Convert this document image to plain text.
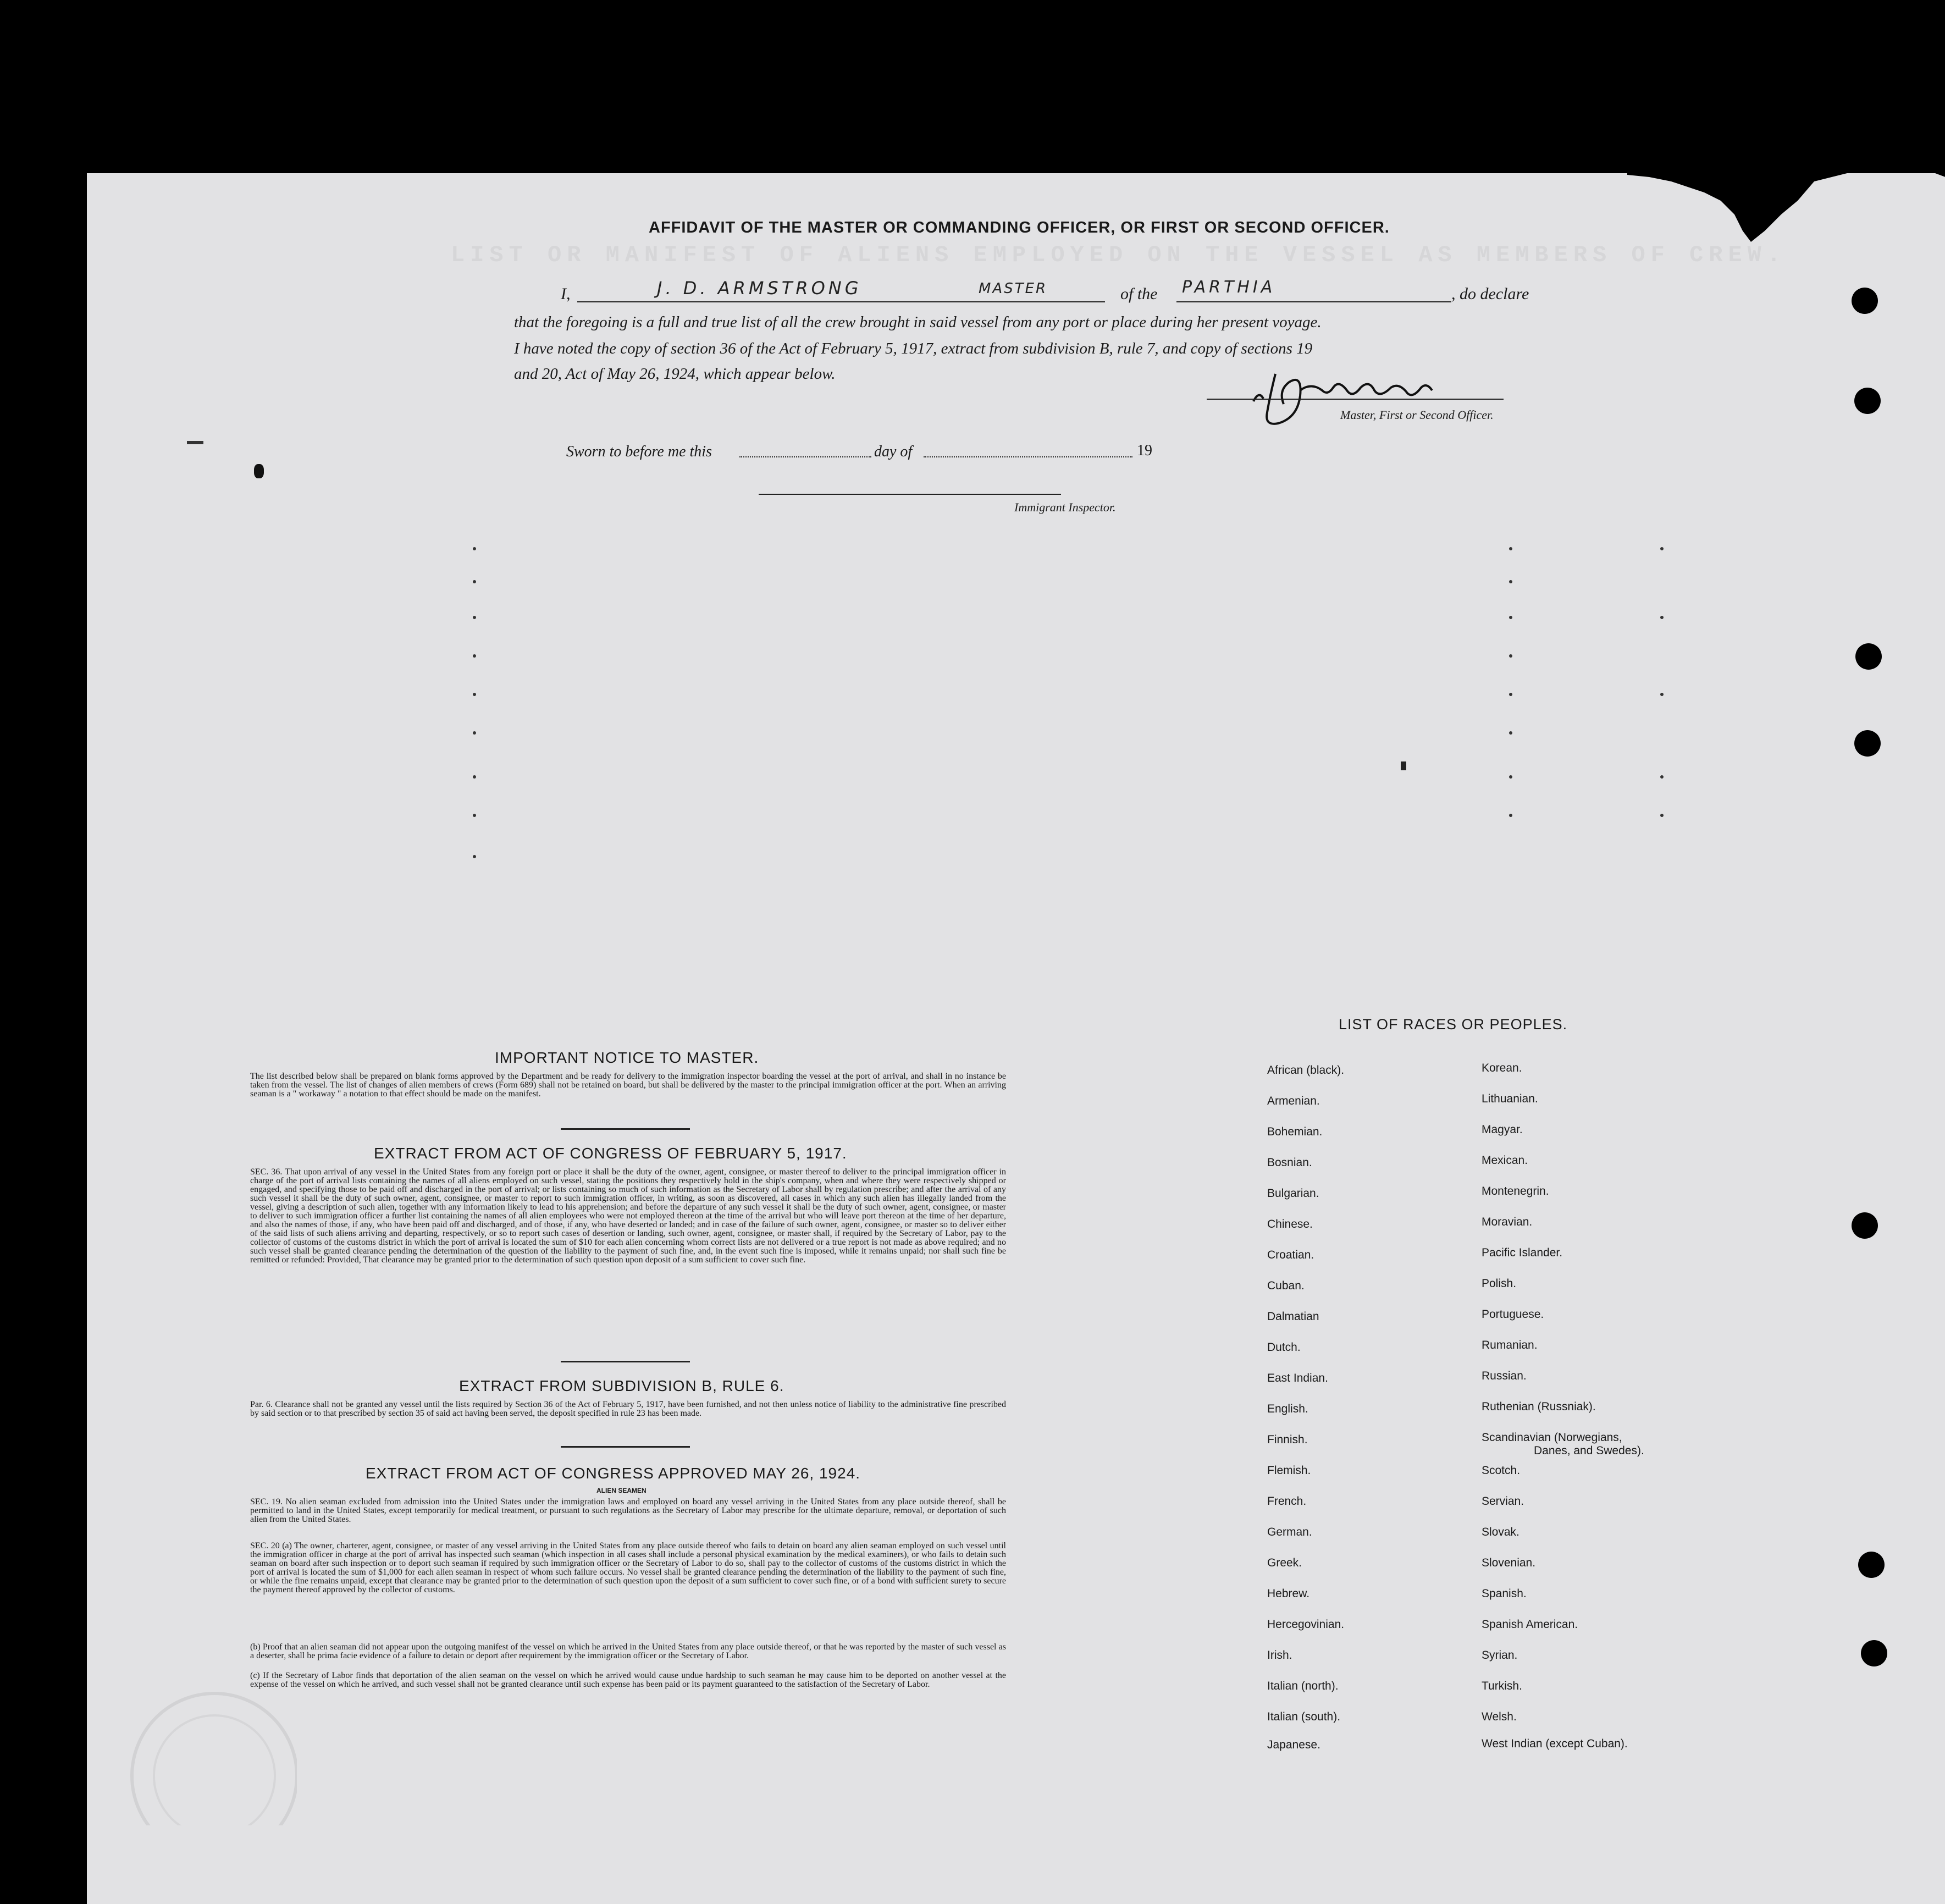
LIST OR MANIFEST OF ALIENS EMPLOYED ON THE VESSEL AS MEMBERS OF CREW.
AFFIDAVIT OF THE MASTER OR COMMANDING OFFICER, OR FIRST OR SECOND OFFICER.
I,	J. D. ARMSTRONG	MASTER	of the PARTHIA	, do declare
that the foregoing is a full and true list of all the crew brought in said vessel from any port or place during her present voyage.
I have noted the copy of section 36 of the Act of February 5, 1917, extract from subdivision B, rule 7, and copy of sections 19
and 20, Act of May 26, 1924, which appear below.
Master, First or Second Officer.
Sworn to before me this	day of	19
Immigrant Inspector.
IMPORTANT NOTICE TO MASTER.
The list described below shall be prepared on blank forms approved by the Department and be ready for delivery to the immigration inspector boarding the vessel at the port of arrival, and shall in no instance be taken from the vessel. The list of changes of alien members of crews (Form 689) shall not be retained on board, but shall be delivered by the master to the principal immigration officer at the port. When an arriving seaman is a " workaway " a notation to that effect should be made on the manifest.
EXTRACT FROM ACT OF CONGRESS OF FEBRUARY 5, 1917.
SEC. 36. That upon arrival of any vessel in the United States from any foreign port or place it shall be the duty of the owner, agent, consignee, or master thereof to deliver to the principal immigration officer in charge of the port of arrival lists containing the names of all aliens employed on such vessel, stating the positions they respectively hold in the ship's company, when and where they were respectively shipped or engaged, and specifying those to be paid off and discharged in the port of arrival; or lists containing so much of such information as the Secretary of Labor shall by regulation prescribe; and after the arrival of any such vessel it shall be the duty of such owner, agent, consignee, or master to report to such immigration officer, in writing, as soon as discovered, all cases in which any such alien has illegally landed from the vessel, giving a description of such alien, together with any information likely to lead to his apprehension; and before the departure of any such vessel it shall be the duty of such owner, agent, consignee, or master to deliver to such immigration officer a further list containing the names of all alien employees who were not employed thereon at the time of the arrival but who will leave port thereon at the time of her departure, and also the names of those, if any, who have been paid off and discharged, and of those, if any, who have deserted or landed; and in case of the failure of such owner, agent, consignee, or master so to deliver either of the said lists of such aliens arriving and departing, respectively, or so to report such cases of desertion or landing, such owner, agent, consignee, or master shall, if required by the Secretary of Labor, pay to the collector of customs of the customs district in which the port of arrival is located the sum of $10 for each alien concerning whom correct lists are not delivered or a true report is not made as above required; and no such vessel shall be granted clearance pending the determination of the question of the liability to the payment of such fine, and, in the event such fine is imposed, while it remains unpaid; nor shall such fine be remitted or refunded: Provided, That clearance may be granted prior to the determination of such question upon deposit of a sum sufficient to cover such fine.
EXTRACT FROM SUBDIVISION B, RULE 6.
Par. 6. Clearance shall not be granted any vessel until the lists required by Section 36 of the Act of February 5, 1917, have been furnished, and not then unless notice of liability to the administrative fine prescribed by said section or to that prescribed by section 35 of said act having been served, the deposit specified in rule 23 has been made.
EXTRACT FROM ACT OF CONGRESS APPROVED MAY 26, 1924.
ALIEN SEAMEN
SEC. 19. No alien seaman excluded from admission into the United States under the immigration laws and employed on board any vessel arriving in the United States from any place outside thereof, shall be permitted to land in the United States, except temporarily for medical treatment, or pursuant to such regulations as the Secretary of Labor may prescribe for the ultimate departure, removal, or deportation of such alien from the United States.
SEC. 20 (a) The owner, charterer, agent, consignee, or master of any vessel arriving in the United States from any place outside thereof who fails to detain on board any alien seaman employed on such vessel until the immigration officer in charge at the port of arrival has inspected such seaman (which inspection in all cases shall include a personal physical examination by the medical examiners), or who fails to detain such seaman on board after such inspection or to deport such seaman if required by such immigration officer or the Secretary of Labor to do so, shall pay to the collector of customs of the customs district in which the port of arrival is located the sum of $1,000 for each alien seaman in respect of whom such failure occurs. No vessel shall be granted clearance pending the determination of the liability to the payment of such fine, or while the fine remains unpaid, except that clearance may be granted prior to the determination of such question upon the deposit of a sum sufficient to cover such fine, or of a bond with sufficient surety to secure the payment thereof approved by the collector of customs.
(b) Proof that an alien seaman did not appear upon the outgoing manifest of the vessel on which he arrived in the United States from any place outside thereof, or that he was reported by the master of such vessel as a deserter, shall be prima facie evidence of a failure to detain or deport after requirement by the immigration officer or the Secretary of Labor.
(c) If the Secretary of Labor finds that deportation of the alien seaman on the vessel on which he arrived would cause undue hardship to such seaman he may cause him to be deported on another vessel at the expense of the vessel on which he arrived, and such vessel shall not be granted clearance until such expense has been paid or its payment guaranteed to the satisfaction of the Secretary of Labor.
LIST OF RACES OR PEOPLES.
African (black).
Armenian.
Bohemian.
Bosnian.
Bulgarian.
Chinese.
Croatian.
Cuban.
Dalmatian
Dutch.
East Indian.
English.
Finnish.
Flemish.
French.
German.
Greek.
Hebrew.
Hercegovinian.
Irish.
Italian (north).
Italian (south).
Japanese.
Korean.
Lithuanian.
Magyar.
Mexican.
Montenegrin.
Moravian.
Pacific Islander.
Polish.
Portuguese.
Rumanian.
Russian.
Ruthenian (Russniak).
Scandinavian (Norwegians,
Danes, and Swedes).
Scotch.
Servian.
Slovak.
Slovenian.
Spanish.
Spanish American.
Syrian.
Turkish.
Welsh.
West Indian (except Cuban).
